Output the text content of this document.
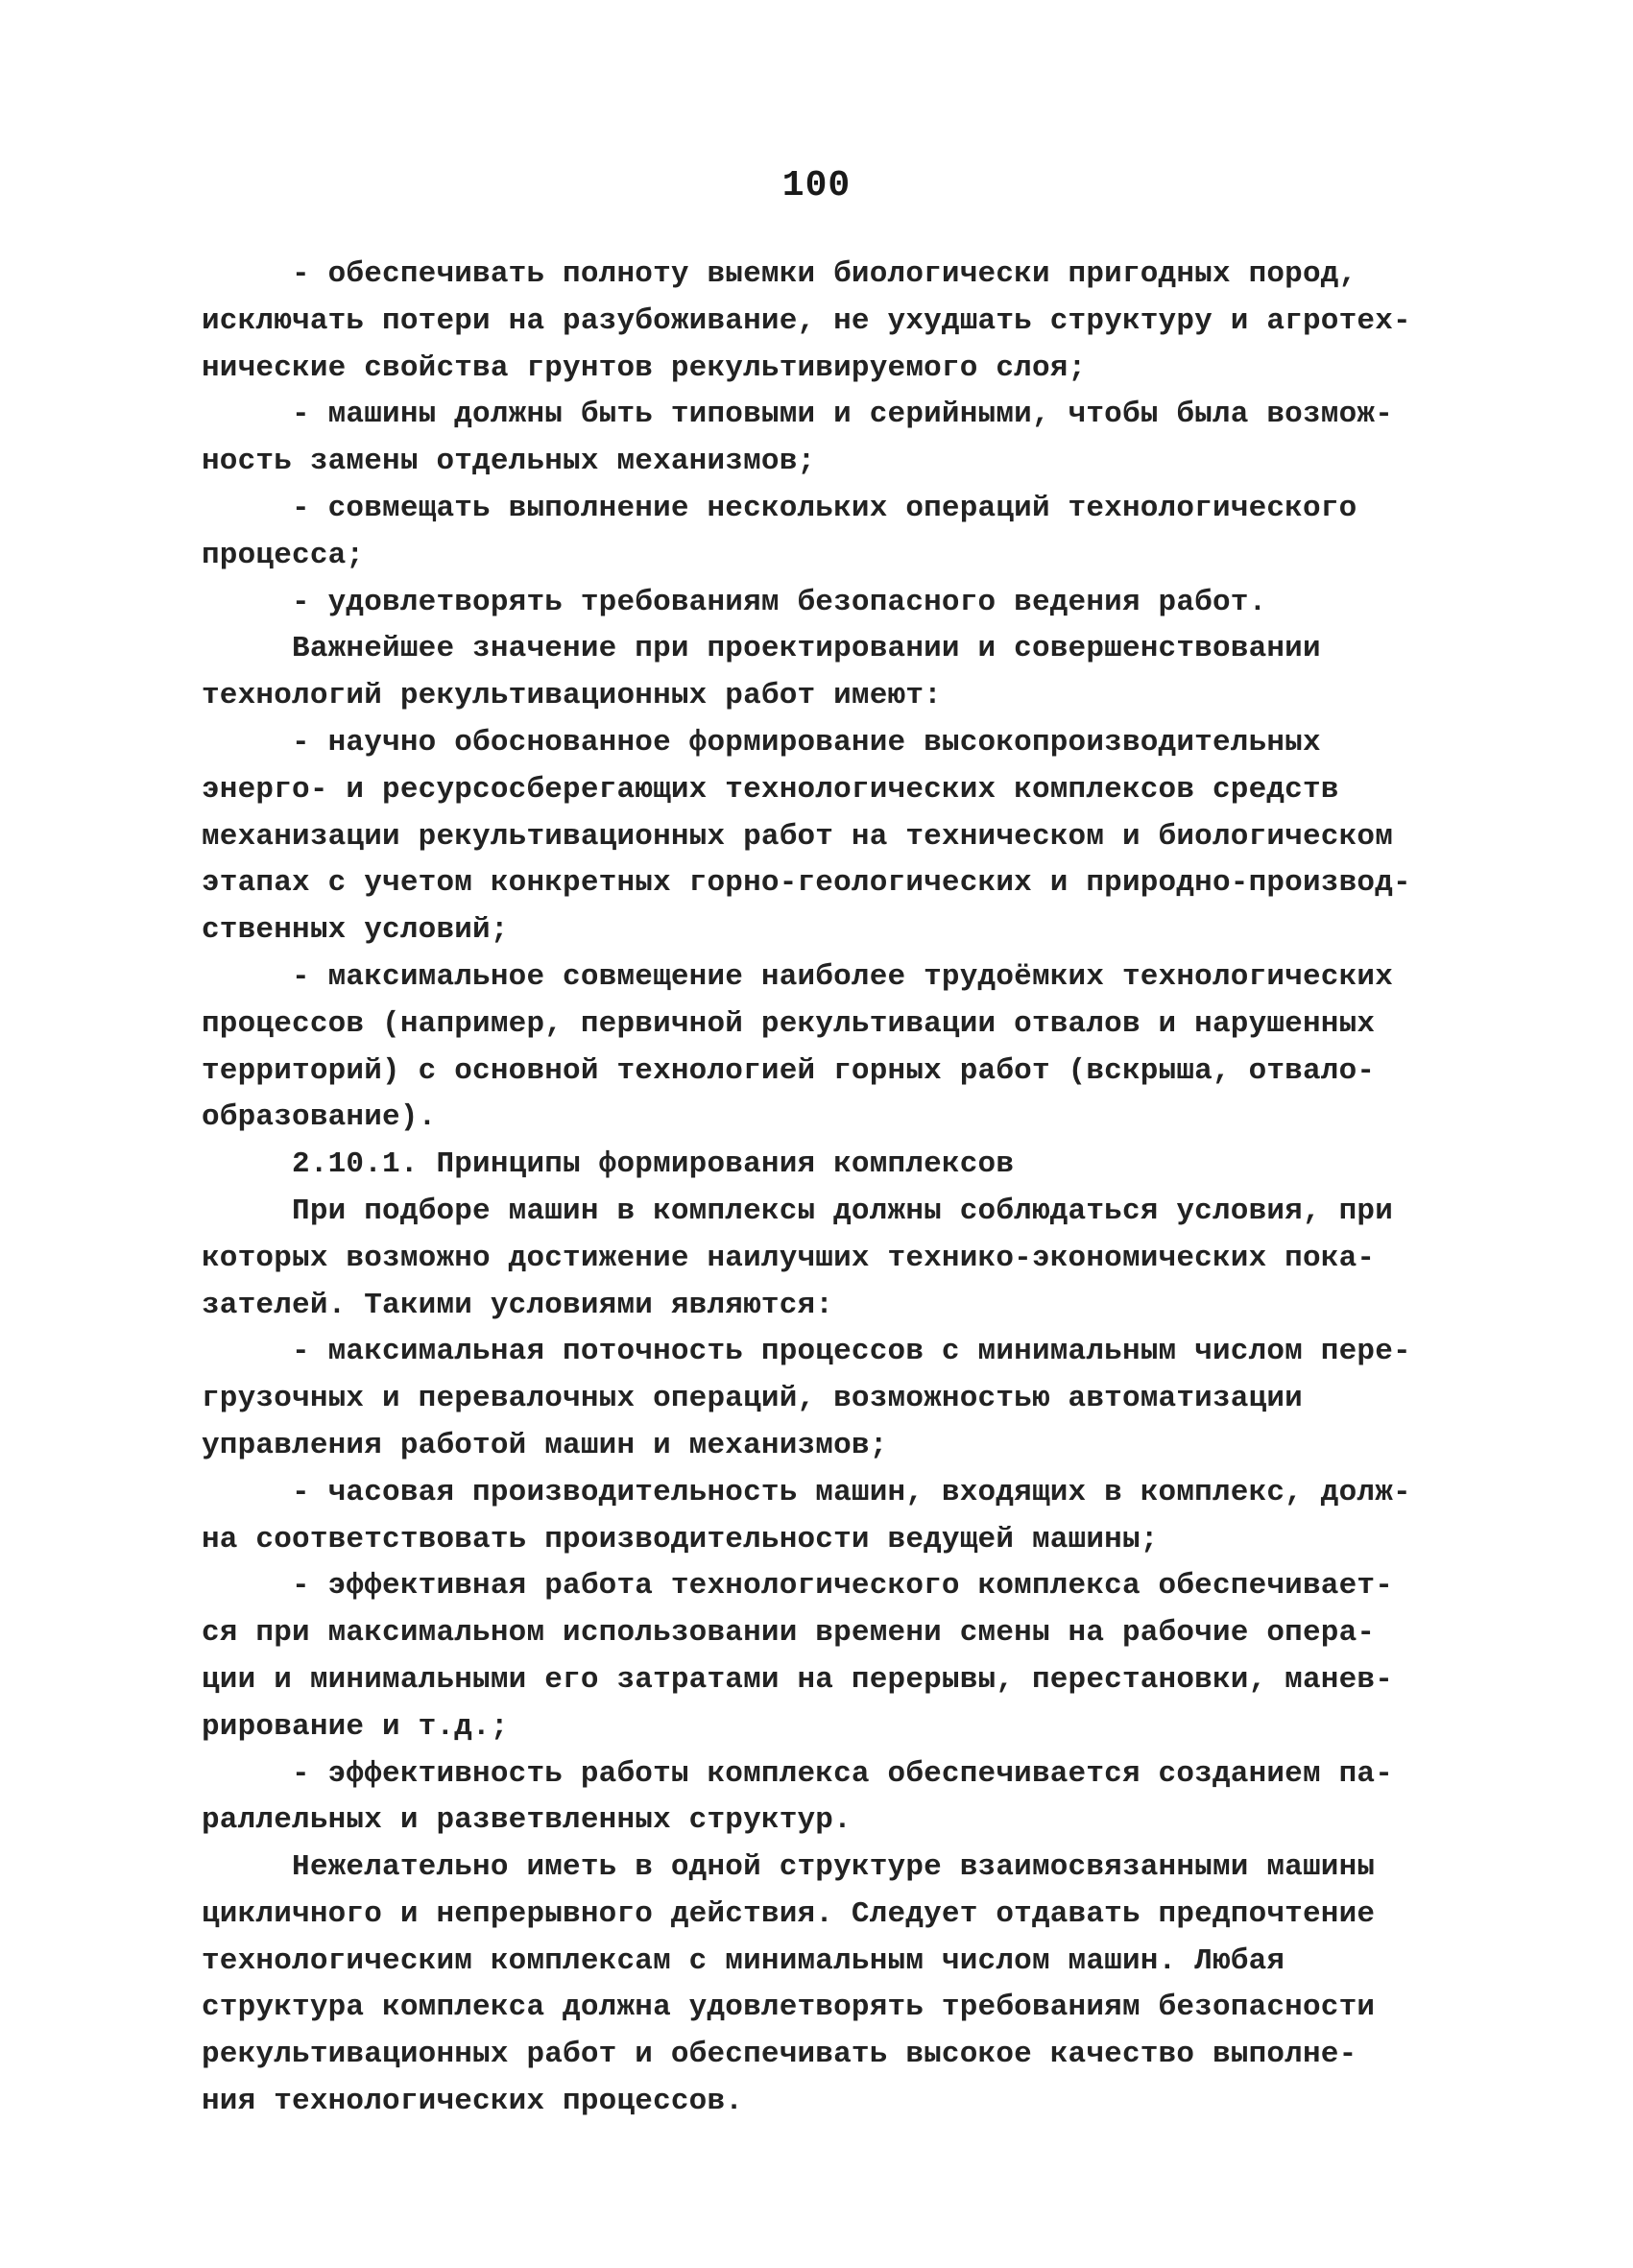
100
- обеспечивать полноту выемки биологически пригодных пород,
исключать потери на разубоживание, не ухудшать структуру и агротех-
нические свойства грунтов рекультивируемого слоя;
- машины должны быть типовыми и серийными, чтобы была возмож-
ность замены отдельных механизмов;
- совмещать выполнение нескольких операций технологического
процесса;
- удовлетворять требованиям безопасного ведения работ.
Важнейшее значение при проектировании и совершенствовании
технологий рекультивационных работ имеют:
- научно обоснованное формирование высокопроизводительных
энерго- и ресурсосберегающих технологических комплексов средств
механизации рекультивационных работ на техническом и биологическом
этапах с учетом конкретных горно-геологических и природно-производ-
ственных условий;
- максимальное совмещение наиболее трудоёмких технологических
процессов (например, первичной рекультивации отвалов и нарушенных
территорий) с основной технологией горных работ (вскрыша, отвало-
образование).
2.10.1. Принципы формирования комплексов
При подборе машин в комплексы должны соблюдаться условия, при
которых возможно достижение наилучших технико-экономических пока-
зателей. Такими условиями являются:
- максимальная поточность процессов с минимальным числом пере-
грузочных и перевалочных операций, возможностью автоматизации
управления работой машин и механизмов;
- часовая производительность машин, входящих в комплекс, долж-
на соответствовать производительности ведущей машины;
- эффективная работа технологического комплекса обеспечивает-
ся при максимальном использовании времени смены на рабочие опера-
ции и минимальными его затратами на перерывы, перестановки, манев-
рирование и т.д.;
- эффективность работы комплекса обеспечивается созданием па-
раллельных и разветвленных структур.
Нежелательно иметь в одной структуре взаимосвязанными машины
цикличного и непрерывного действия. Следует отдавать предпочтение
технологическим комплексам с минимальным числом машин. Любая
структура комплекса должна удовлетворять требованиям безопасности
рекультивационных работ и обеспечивать высокое качество выполне-
ния технологических процессов.
